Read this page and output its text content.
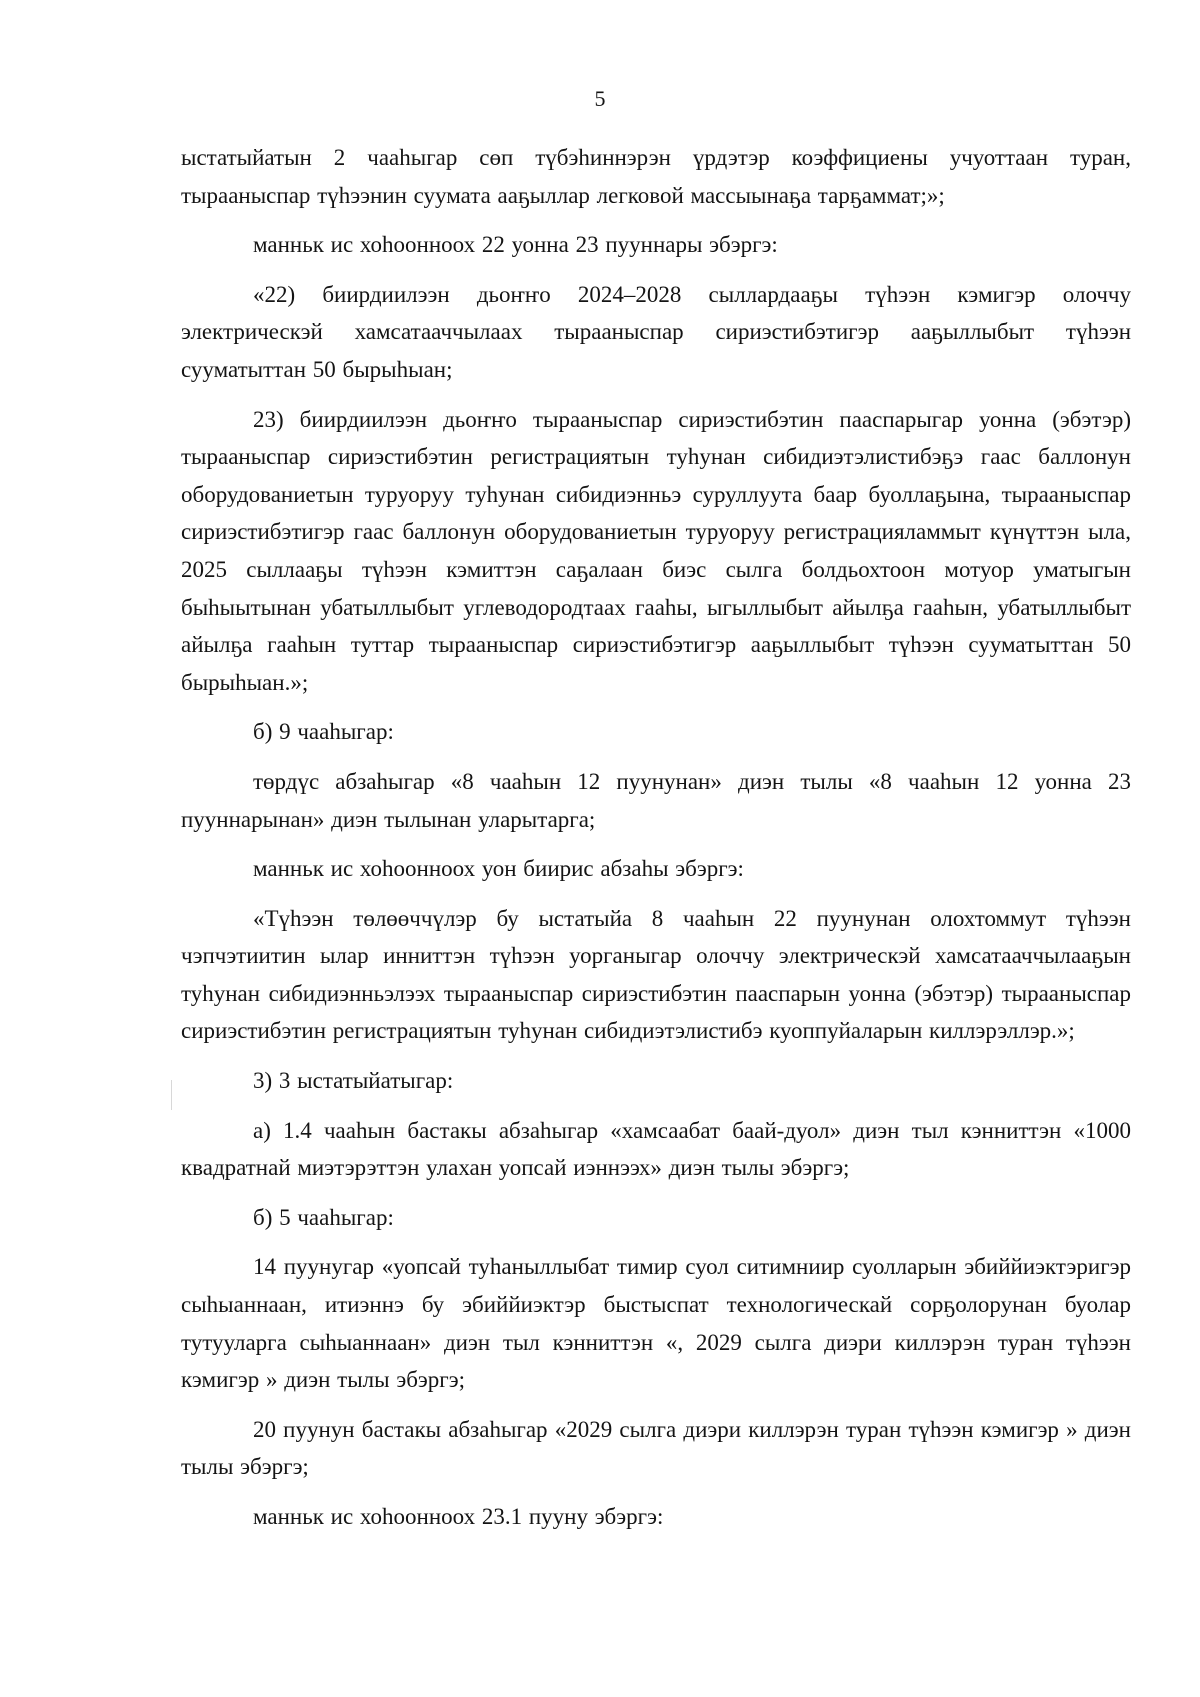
5

ыстатыйатын 2 чааһыгар сөп түбэһиннэрэн үрдэтэр коэффициены учуоттаан туран, тырааныспар түһээнин суумата ааҕыллар легковой массыынаҕа тарҕаммат;»;

манньк ис хоһоонноох 22 уонна 23 пууннары эбэргэ:

«22) биирдиилээн дьоҥҥо 2024–2028 сыллардааҕы түһээн кэмигэр олоччу электрическэй хамсатааччылаах тырааныспар сириэстибэтигэр ааҕыллыбыт түһээн сууматыттан 50 бырыһыан;

23) биирдиилээн дьоҥҥо тырааныспар сириэстибэтин пааспарыгар уонна (эбэтэр) тырааныспар сириэстибэтин регистрациятын туһунан сибидиэтэлистибэҕэ гаас баллонун оборудованиетын туруоруу туһунан сибидиэнньэ суруллуута баар буоллаҕына, тырааныспар сириэстибэтигэр гаас баллонун оборудованиетын туруоруу регистрацияламмыт күнүттэн ыла, 2025 сыллааҕы түһээн кэмиттэн саҕалаан биэс сылга болдьохтоон мотуор уматыгын быһыытынан убатыллыбыт углеводородтаах гааһы, ыгыллыбыт айылҕа гааһын, убатыллыбыт айылҕа гааһын туттар тырааныспар сириэстибэтигэр ааҕыллыбыт түһээн сууматыттан 50 бырыһыан.»;

б) 9 чааһыгар:

төрдүс абзаһыгар «8 чааһын 12 пуунунан» диэн тылы «8 чааһын 12 уонна 23 пууннарынан» диэн тылынан уларытарга;

манньк ис хоһоонноох уон биирис абзаһы эбэргэ:

«Түһээн төлөөччүлэр бу ыстатыйа 8 чааһын 22 пуунунан олохтоммут түһээн чэпчэтиитин ылар инниттэн түһээн уорганыгар олоччу электрическэй хамсатааччылааҕын туһунан сибидиэнньэлээх тырааныспар сириэстибэтин пааспарын уонна (эбэтэр) тырааныспар сириэстибэтин регистрациятын туһунан сибидиэтэлистибэ куоппуйаларын киллэрэллэр.»;

3) 3 ыстатыйатыгар:

а) 1.4 чааһын бастакы абзаһыгар «хамсаабат баай-дуол» диэн тыл кэнниттэн «1000 квадратнай миэтэрэттэн улахан уопсай иэннээх» диэн тылы эбэргэ;

б) 5 чааһыгар:

14 пуунугар «уопсай туһаныллыбат тимир суол ситимниир суолларын эбиййиэктэригэр сыһыаннаан, итиэннэ бу эбиййиэктэр быстыспат технологическай сорҕолорунан буолар тутууларга сыһыаннаан» диэн тыл кэнниттэн «, 2029 сылга диэри киллэрэн туран түһээн кэмигэр » диэн тылы эбэргэ;

20 пуунун бастакы абзаһыгар «2029 сылга диэри киллэрэн туран түһээн кэмигэр » диэн тылы эбэргэ;

манньк ис хоһоонноох 23.1 пууну эбэргэ:
